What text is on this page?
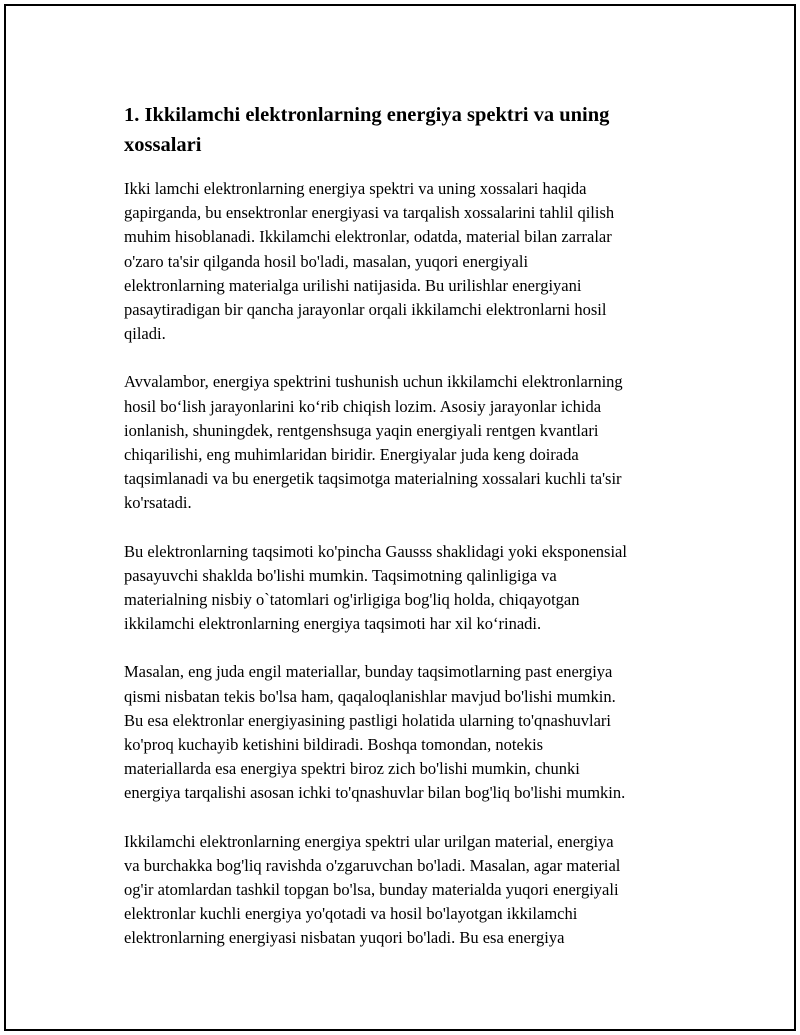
1. Ikkilamchi elektronlarning energiya spektri va uning
xossalari

Ikki lamchi elektronlarning energiya spektri va uning xossalari haqida
gapirganda, bu ensektronlar energiyasi va tarqalish xossalarini tahlil qilish
muhim hisoblanadi. Ikkilamchi elektronlar, odatda, material bilan zarralar
o'zaro ta'sir qilganda hosil bo'ladi, masalan, yuqori energiyali
elektronlarning materialga urilishi natijasida. Bu urilishlar energiyani
pasaytiradigan bir qancha jarayonlar orqali ikkilamchi elektronlarni hosil
qiladi.

Avvalambor, energiya spektrini tushunish uchun ikkilamchi elektronlarning
hosil bo‘lish jarayonlarini ko‘rib chiqish lozim. Asosiy jarayonlar ichida
ionlanish, shuningdek, rentgenshsuga yaqin energiyali rentgen kvantlari
chiqarilishi, eng muhimlaridan biridir. Energiyalar juda keng doirada
taqsimlanadi va bu energetik taqsimotga materialning xossalari kuchli ta'sir
ko'rsatadi.

Bu elektronlarning taqsimoti ko'pincha Gausss shaklidagi yoki eksponensial
pasayuvchi shaklda bo'lishi mumkin. Taqsimotning qalinligiga va
materialning nisbiy o`tatomlari og'irligiga bog'liq holda, chiqayotgan
ikkilamchi elektronlarning energiya taqsimoti har xil ko‘rinadi.

Masalan, eng juda engil materiallar, bunday taqsimotlarning past energiya
qismi nisbatan tekis bo'lsa ham, qaqaloqlanishlar mavjud bo'lishi mumkin.
Bu esa elektronlar energiyasining pastligi holatida ularning to'qnashuvlari
ko'proq kuchayib ketishini bildiradi. Boshqa tomondan, notekis
materiallarda esa energiya spektri biroz zich bo'lishi mumkin, chunki
energiya tarqalishi asosan ichki to'qnashuvlar bilan bog'liq bo'lishi mumkin.

Ikkilamchi elektronlarning energiya spektri ular urilgan material, energiya
va burchakka bog'liq ravishda o'zgaruvchan bo'ladi. Masalan, agar material
og'ir atomlardan tashkil topgan bo'lsa, bunday materialda yuqori energiyali
elektronlar kuchli energiya yo'qotadi va hosil bo'layotgan ikkilamchi
elektronlarning energiyasi nisbatan yuqori bo'ladi. Bu esa energiya
